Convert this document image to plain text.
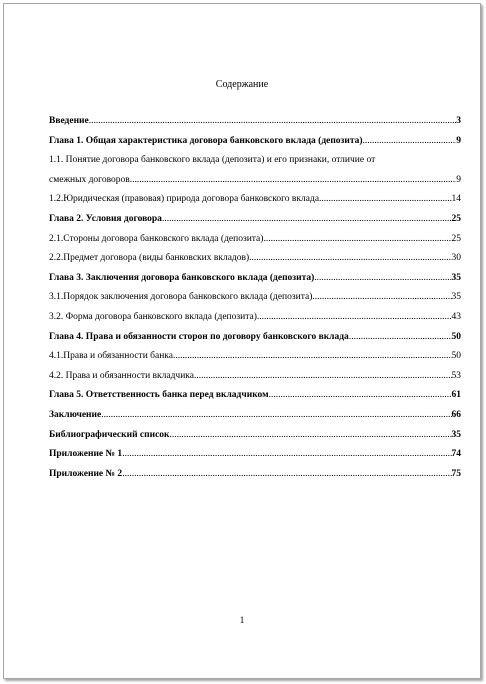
Содержание
Введение .....	3
Глава 1. Общая характеристика договора банковского вклада (депозита) .....	9
1.1. Понятие договора банковского вклада (депозита) и его признаки, отличие от
смежных договоров .....	9
1.2.Юридическая (правовая) природа договора банковского вклада .....	14
Глава 2. Условия договора .....	25
2.1.Стороны договора банковского вклада (депозита) .....	25
2.2.Предмет договора (виды банковских вкладов) .....	30
Глава 3. Заключения договора банковского вклада (депозита) .....	35
3.1.Порядок заключения договора банковского вклада (депозита) .....	35
3.2. Форма договора банковского вклада (депозита) .....	43
Глава 4. Права и обязанности сторон по договору банковского вклада .....	50
4.1.Права и обязанности банка .....	50
4.2. Права и обязанности вкладчика .....	53
Глава 5. Ответственность банка перед вкладчиком .....	61
Заключение .....	66
Библиографический список .....	35
Приложение № 1 .....	74
Приложение № 2 .....	75
1
